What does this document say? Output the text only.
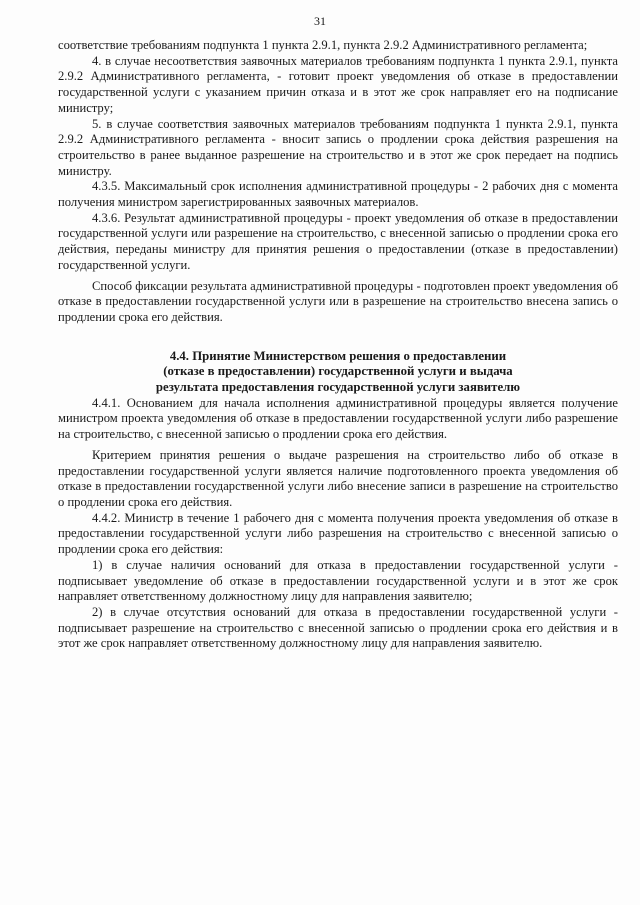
31

соответствие требованиям подпункта 1 пункта 2.9.1, пункта 2.9.2 Административного регламента;

4. в случае несоответствия заявочных материалов требованиям подпункта 1 пункта 2.9.1, пункта 2.9.2 Административного регламента, - готовит проект уведомления об отказе в предоставлении государственной услуги с указанием причин отказа и в этот же срок направляет его на подписание министру;

5. в случае соответствия заявочных материалов требованиям подпункта 1 пункта 2.9.1, пункта 2.9.2 Административного регламента - вносит запись о продлении срока действия разрешения на строительство в ранее выданное разрешение на строительство и в этот же срок передает на подпись министру.

4.3.5. Максимальный срок исполнения административной процедуры - 2 рабочих дня с момента получения министром зарегистрированных заявочных материалов.

4.3.6. Результат административной процедуры - проект уведомления об отказе в предоставлении государственной услуги или разрешение на строительство, с внесенной записью о продлении срока его действия, переданы министру для принятия решения о предоставлении (отказе в предоставлении) государственной услуги.

Способ фиксации результата административной процедуры - подготовлен проект уведомления об отказе в предоставлении государственной услуги или в разрешение на строительство внесена запись о продлении срока его действия.

4.4. Принятие Министерством решения о предоставлении
(отказе в предоставлении) государственной услуги и выдача
результата предоставления государственной услуги заявителю

4.4.1. Основанием для начала исполнения административной процедуры является получение министром проекта уведомления об отказе в предоставлении государственной услуги либо разрешение на строительство, с внесенной записью о продлении срока его действия.

Критерием принятия решения о выдаче разрешения на строительство либо об отказе в предоставлении государственной услуги является наличие подготовленного проекта уведомления об отказе в предоставлении государственной услуги либо внесение записи в разрешение на строительство о продлении срока его действия.

4.4.2. Министр в течение 1 рабочего дня с момента получения проекта уведомления об отказе в предоставлении государственной услуги либо разрешения на строительство с внесенной записью о продлении срока его действия:

1) в случае наличия оснований для отказа в предоставлении государственной услуги - подписывает уведомление об отказе в предоставлении государственной услуги и в этот же срок направляет ответственному должностному лицу для направления заявителю;

2) в случае отсутствия оснований для отказа в предоставлении государственной услуги - подписывает разрешение на строительство с внесенной записью о продлении срока его действия и в этот же срок направляет ответственному должностному лицу для направления заявителю.
